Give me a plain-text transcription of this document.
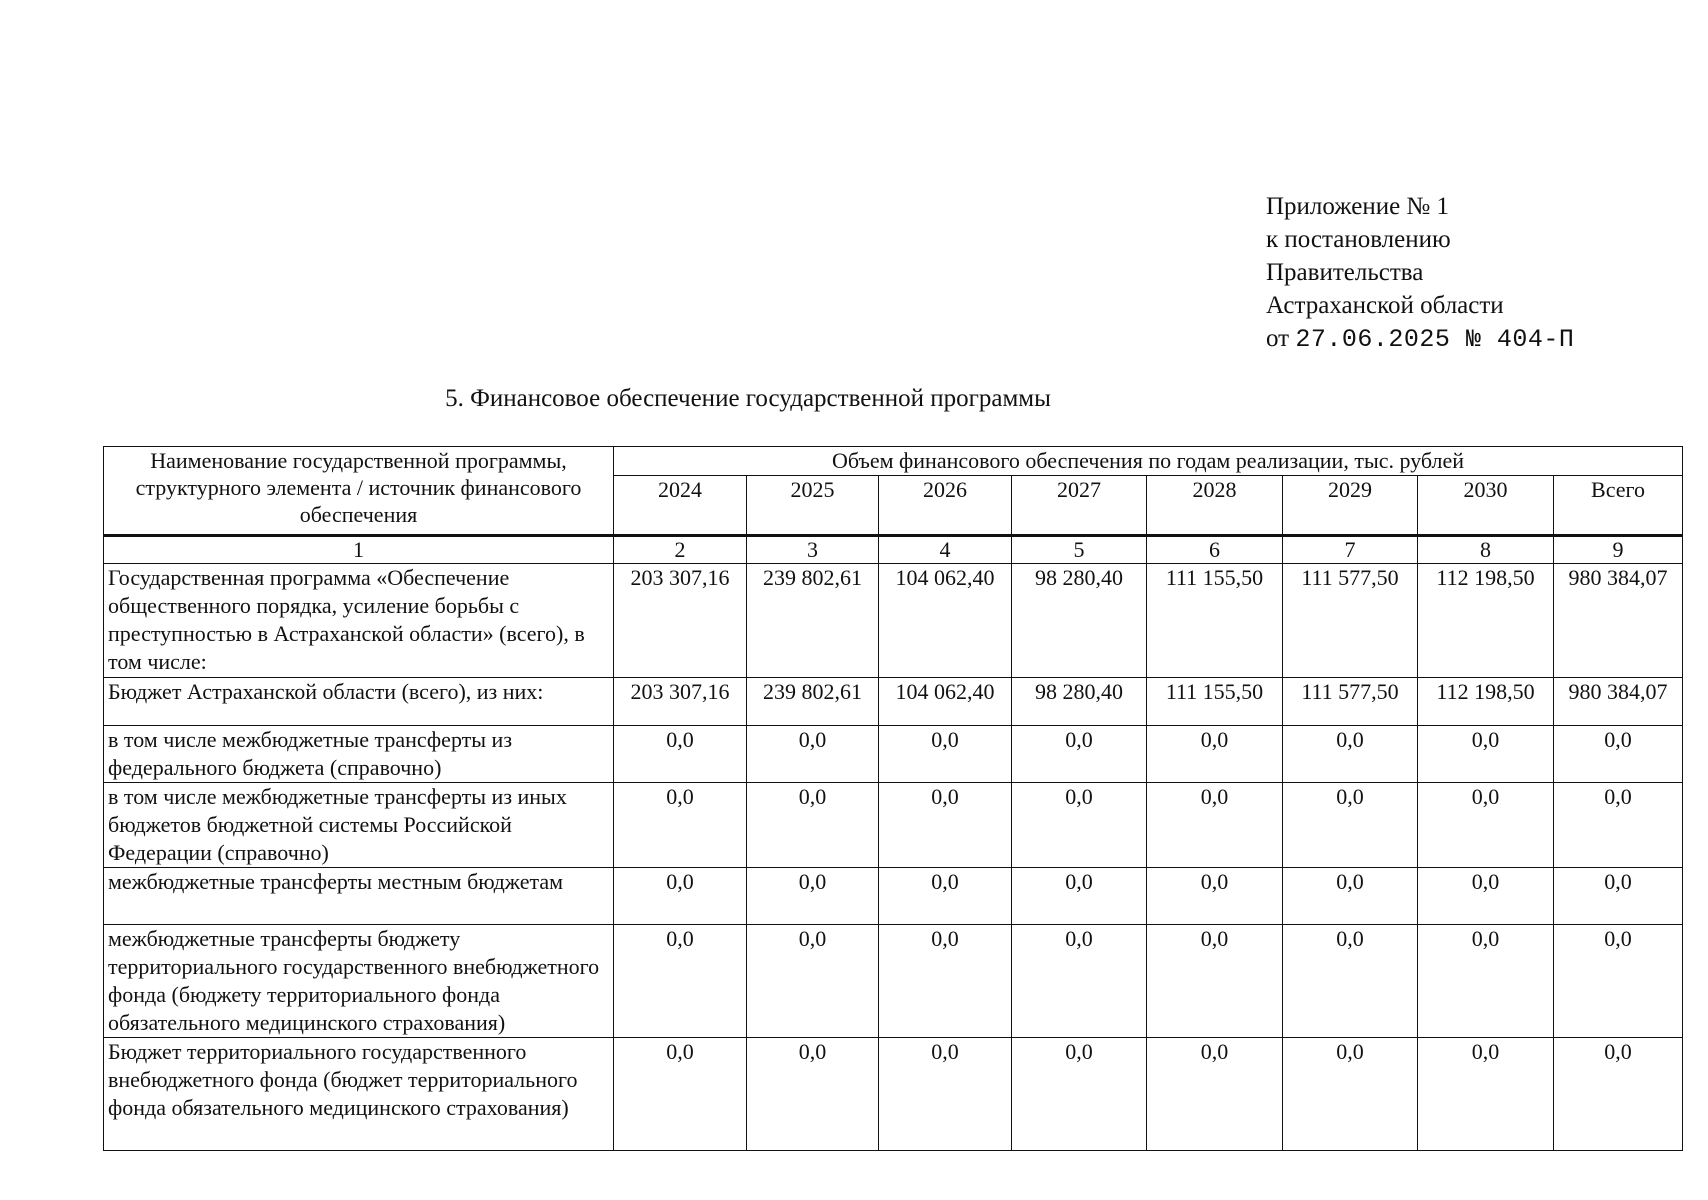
Приложение № 1
к постановлению
Правительства
Астраханской области
от 27.06.2025 № 404-П
5. Финансовое обеспечение государственной программы
Наименование государственной программы, структурного элемента / источник финансового обеспечения	Объем финансового обеспечения по годам реализации, тыс. рублей							
	2024	2025	2026	2027	2028	2029	2030	Всего
1	2	3	4	5	6	7	8	9
Государственная программа «Обеспечение общественного порядка, усиление борьбы с преступностью в Астраханской области» (всего), в том числе:	203 307,16	239 802,61	104 062,40	98 280,40	111 155,50	111 577,50	112 198,50	980 384,07
Бюджет Астраханской области (всего), из них:	203 307,16	239 802,61	104 062,40	98 280,40	111 155,50	111 577,50	112 198,50	980 384,07
в том числе межбюджетные трансферты из федерального бюджета (справочно)	0,0	0,0	0,0	0,0	0,0	0,0	0,0	0,0
в том числе межбюджетные трансферты из иных бюджетов бюджетной системы Российской Федерации (справочно)	0,0	0,0	0,0	0,0	0,0	0,0	0,0	0,0
межбюджетные трансферты местным бюджетам	0,0	0,0	0,0	0,0	0,0	0,0	0,0	0,0
межбюджетные трансферты бюджету территориального государственного внебюджетного фонда (бюджету территориального фонда обязательного медицинского страхования)	0,0	0,0	0,0	0,0	0,0	0,0	0,0	0,0
Бюджет территориального государственного внебюджетного фонда (бюджет территориального фонда обязательного медицинского страхования)	0,0	0,0	0,0	0,0	0,0	0,0	0,0	0,0
